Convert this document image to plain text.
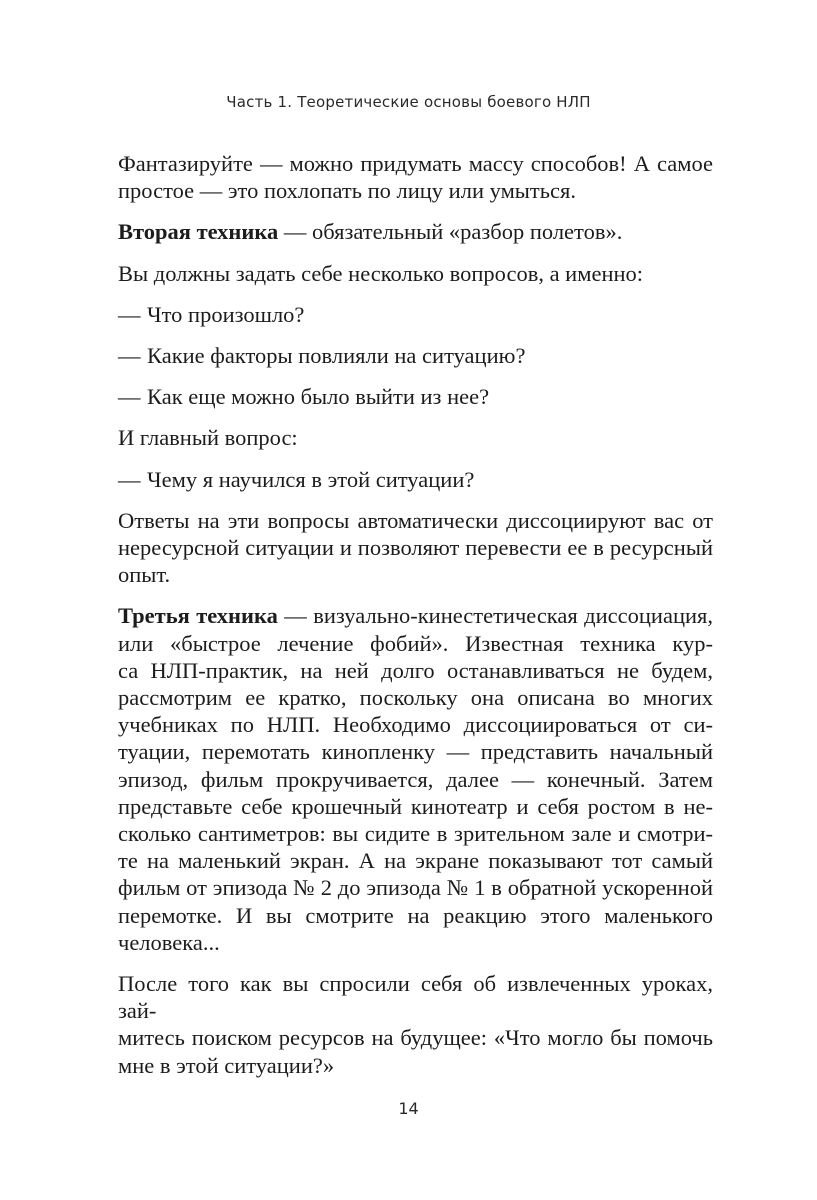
Часть 1. Теоретические основы боевого НЛП

Фантазируйте — можно придумать массу способов! А самое
простое — это похлопать по лицу или умыться.

Вторая техника — обязательный «разбор полетов».

Вы должны задать себе несколько вопросов, а именно:

— Что произошло?

— Какие факторы повлияли на ситуацию?

— Как еще можно было выйти из нее?

И главный вопрос:

— Чему я научился в этой ситуации?

Ответы на эти вопросы автоматически диссоциируют вас от
нересурсной ситуации и позволяют перевести ее в ресурсный
опыт.

Третья техника — визуально-кинестетическая диссоциация,
или «быстрое лечение фобий». Известная техника кур-
са НЛП-практик, на ней долго останавливаться не будем,
рассмотрим ее кратко, поскольку она описана во многих
учебниках по НЛП. Необходимо диссоциироваться от си-
туации, перемотать кинопленку — представить начальный
эпизод, фильм прокручивается, далее — конечный. Затем
представьте себе крошечный кинотеатр и себя ростом в не-
сколько сантиметров: вы сидите в зрительном зале и смотри-
те на маленький экран. А на экране показывают тот самый
фильм от эпизода № 2 до эпизода № 1 в обратной ускоренной
перемотке. И вы смотрите на реакцию этого маленького
человека...

После того как вы спросили себя об извлеченных уроках, зай-
митесь поиском ресурсов на будущее: «Что могло бы помочь
мне в этой ситуации?»

14
